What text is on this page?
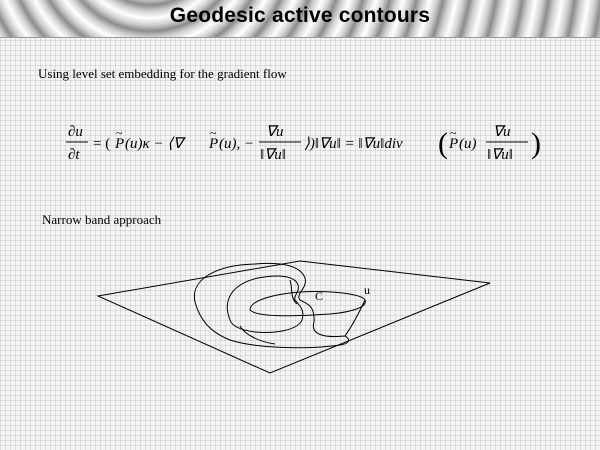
Geodesic active contours
Using level set embedding for the gradient flow
∂u
∂t
= ( P
~
(u)κ − ⟨∇ P
~
(u), −
∇u
‖∇u‖
⟩)‖∇u‖ = ‖∇u‖div ( P
~
(u)
∇u
‖∇u‖ )
Narrow band approach
C	u
